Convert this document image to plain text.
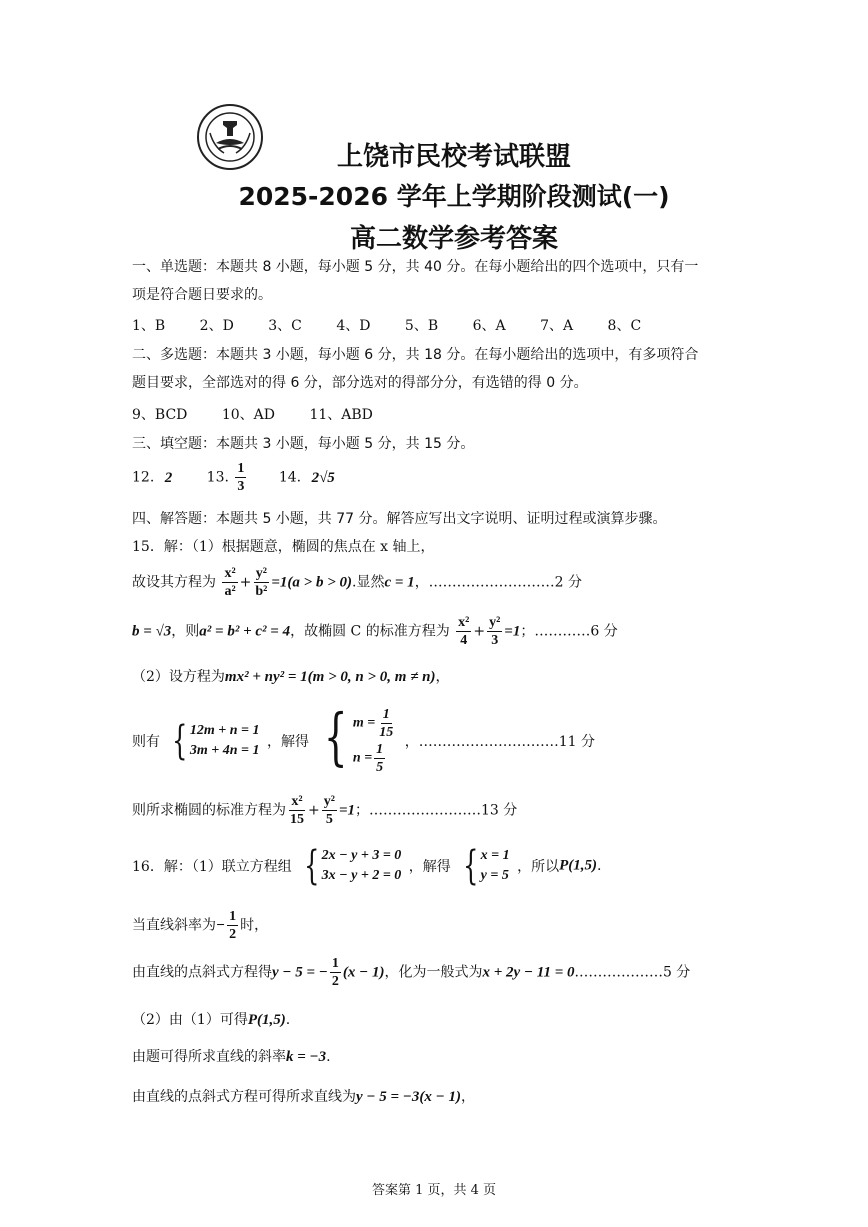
上饶市民校考试联盟
2025-2026 学年上学期阶段测试(一)
高二数学参考答案
一、单选题：本题共 8 小题，每小题 5 分，共 40 分。在每小题给出的四个选项中，只有一
项是符合题日要求的。
1、B 2、D 3、C 4、D 5、B 6、A 7、A 8、C
二、多选题：本题共 3 小题，每小题 6 分，共 18 分。在每小题给出的选项中，有多项符合
题目要求，全部选对的得 6 分，部分选对的得部分分，有选错的得 0 分。
9、BCD 10、AD 11、ABD
三、填空题：本题共 3 小题，每小题 5 分，共 15 分。
12. 2 13. $\frac{1}{3} 14$. 2√5
四、解答题：本题共 5 小题，共 77 分。解答应写出文字说明、证明过程或演算步骤。
15．解：（1）根据题意，椭圆的焦点在 x 轴上，
故设其方程为 $\frac{\text{x²}}{\text{a²}} + \frac{\text{y²}}{\text{b²}} =1(a > b > 0)$.显然c = 1，………………………2 分
b = √3，则a² = b² + c² = 4，故椭圆 C 的标准方程为 $\frac{\text{x²}}{4} + \frac{\text{y²}}{3} =1$；…………6 分
（2）设方程为mx² + ny² = 1(m > 0, n > 0, m ≠ n)，
则有 { 12m + n = 1
3m + 4n = 1
，解得 { $m = \frac{1}{15}$
$n = \frac{1}{5}$ ，…………………………11 分
则所求椭圆的标准方程为 $\frac{\text{x²}}{15} + \frac{\text{y²}}{5} =1$；……………………13 分
16．解：（1）联立方程组 { 2x − y + 3 = 0
3x − y + 2 = 0
，解得 { x = 1
y = 5
，所以P(1,5).
当直线斜率为− $\frac{1}{2}$ 时，
由直线的点斜式方程得y − 5 = − $\frac{1}{2} (x - 1)$，化为一般式为x + 2y − 11 = 0.………………5 分
（2）由（1）可得P(1,5).
由题可得所求直线的斜率k = −3.
由直线的点斜式方程可得所求直线为y − 5 = −3(x − 1)，
答案第 1 页，共 4 页
